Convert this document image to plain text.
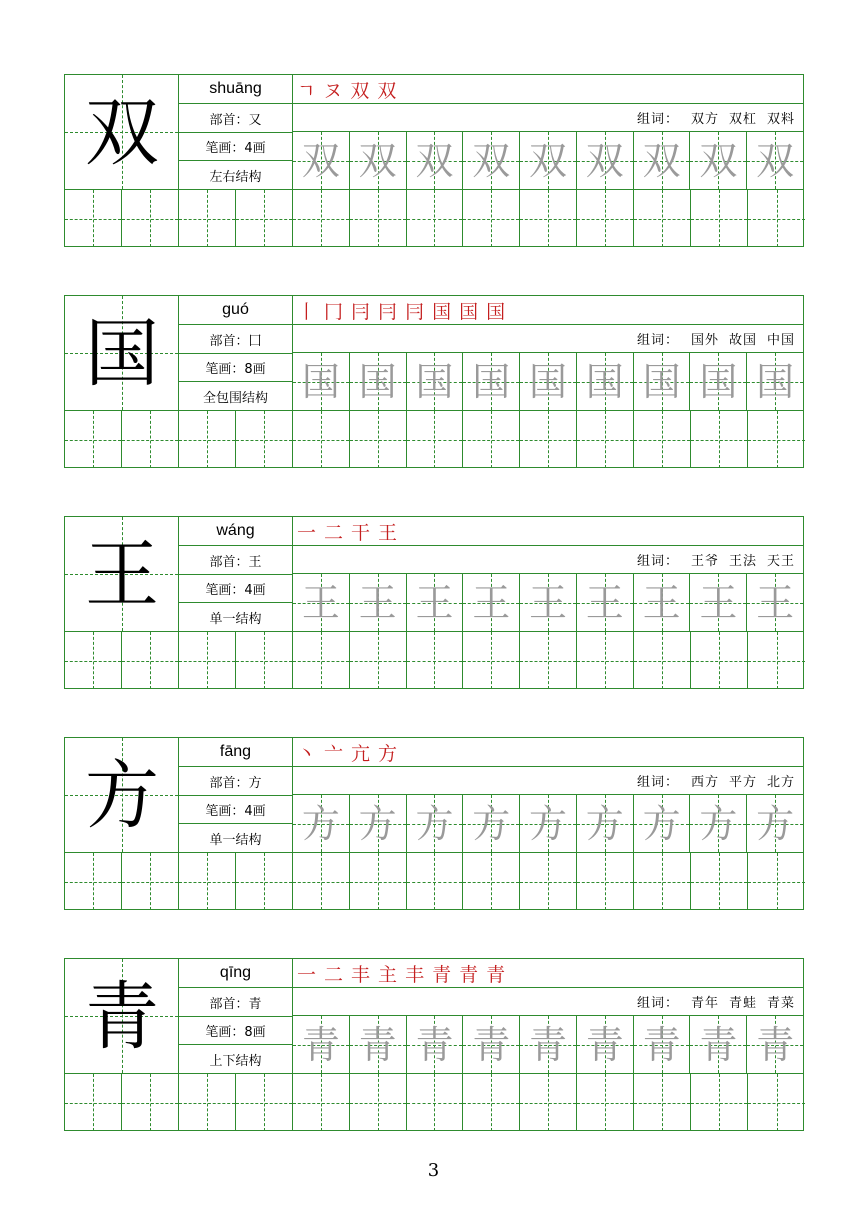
双
shuāng
部首：又
笔画：4画
左右结构
ㄱ ヌ 双 双
组词： 双方 双杠 双料
双 双 双 双 双 双 双 双 双
国
guó
部首：囗
笔画：8画
全包围结构
丨 冂 冃 冃 冃 国 国 国
组词： 国外 故国 中国
国 国 国 国 国 国 国 国 国
王
wáng
部首：王
笔画：4画
单一结构
一 二 干 王
组词： 王爷 王法 天王
王 王 王 王 王 王 王 王 王
方
fāng
部首：方
笔画：4画
单一结构
丶 亠 亢 方
组词： 西方 平方 北方
方 方 方 方 方 方 方 方 方
青
qīng
部首：青
笔画：8画
上下结构
一 二 丰 主 丰 青 青 青
组词： 青年 青蛙 青菜
青 青 青 青 青 青 青 青 青
3
